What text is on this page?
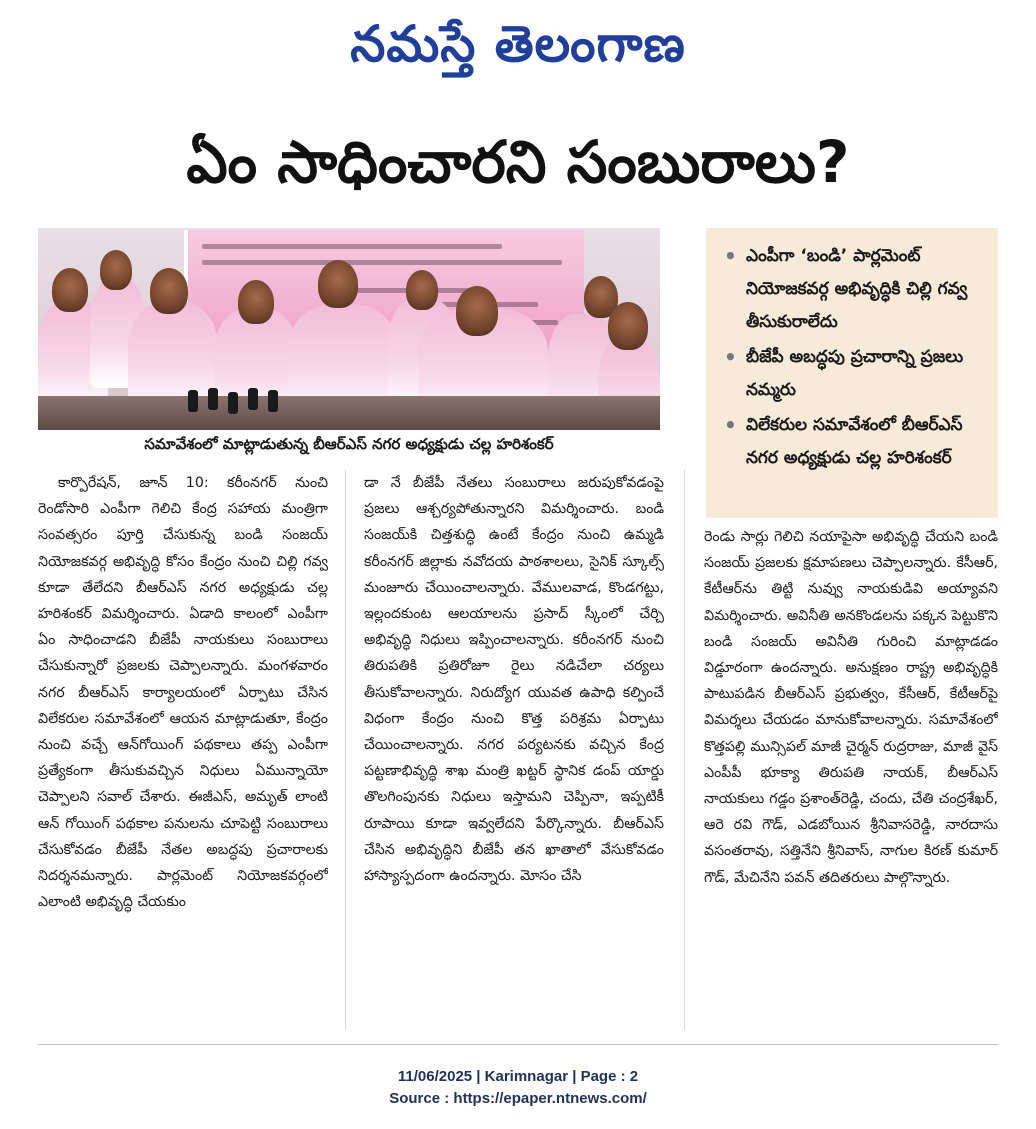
నమస్తే తెలంగాణ
ఏం సాధించారని సంబురాలు?
సమావేశంలో మాట్లాడుతున్న బీఆర్ఎస్ నగర అధ్యక్షుడు చల్ల హరిశంకర్
• ఎంపీగా ‘బండి’ పార్లమెంట్ నియోజకవర్గ అభివృద్ధికి చిల్లి గవ్వ తీసుకురాలేదు
• బీజేపీ అబద్ధపు ప్రచారాన్ని ప్రజలు నమ్మరు
• విలేకరుల సమావేశంలో బీఆర్ఎస్ నగర అధ్యక్షుడు చల్ల హరిశంకర్
కార్పొరేషన్, జూన్ 10: కరీంనగర్ నుంచి రెండోసారి ఎంపీగా గెలిచి కేంద్ర సహాయ మంత్రిగా సంవత్సరం పూర్తి చేసుకున్న బండి సంజయ్ నియోజకవర్గ అభివృద్ధి కోసం కేంద్రం నుంచి చిల్లి గవ్వ కూడా తేలేదని బీఆర్ఎస్ నగర అధ్యక్షుడు చల్ల హరిశంకర్ విమర్శించారు. ఏడాది కాలంలో ఎంపీగా ఏం సాధించాడని బీజేపీ నాయకులు సంబురాలు చేసుకున్నారో ప్రజలకు చెప్పాలన్నారు. మంగళవారం నగర బీఆర్ఎస్ కార్యాలయంలో ఏర్పాటు చేసిన విలేకరుల సమావేశంలో ఆయన మాట్లాడుతూ, కేంద్రం నుంచి వచ్చే ఆన్‌గోయింగ్ పథకాలు తప్ప ఎంపీగా ప్రత్యేకంగా తీసుకువచ్చిన నిధులు ఏమున్నాయో చెప్పాలని సవాల్ చేశారు. ఈజీఎస్, అమృత్ లాంటి ఆన్ గోయింగ్ పథకాల పనులను చూపెట్టి సంబురాలు చేసుకోవడం బీజేపీ నేతల అబద్ధపు ప్రచారాలకు నిదర్శనమన్నారు. పార్లమెంట్ నియోజకవర్గంలో ఎలాంటి అభివృద్ధి చేయకుం
డా నే బీజేపీ నేతలు సంబురాలు జరుపుకోవడంపై ప్రజలు ఆశ్చర్యపోతున్నారని విమర్శించారు. బండి సంజయ్‌కి చిత్తశుద్ధి ఉంటే కేంద్రం నుంచి ఉమ్మడి కరీంనగర్ జిల్లాకు నవోదయ పాఠశాలలు, సైనిక్ స్కూల్స్ మంజూరు చేయించాలన్నారు. వేములవాడ, కొండగట్టు, ఇల్లందకుంట ఆలయాలను ప్రసాద్ స్కీంలో చేర్చి అభివృద్ధి నిధులు ఇప్పించాలన్నారు. కరీంనగర్ నుంచి తిరుపతికి ప్రతిరోజూ రైలు నడిచేలా చర్యలు తీసుకోవాలన్నారు. నిరుద్యోగ యువత ఉపాధి కల్పించే విధంగా కేంద్రం నుంచి కొత్త పరిశ్రమ ఏర్పాటు చేయించాలన్నారు. నగర పర్యటనకు వచ్చిన కేంద్ర పట్టణాభివృద్ధి శాఖ మంత్రి ఖట్టర్ స్థానిక డంప్ యార్డు తొలగింపునకు నిధులు ఇస్తామని చెప్పినా, ఇప్పటికీ రూపాయి కూడా ఇవ్వలేదని పేర్కొన్నారు. బీఆర్ఎస్ చేసిన అభివృద్ధిని బీజేపీ తన ఖాతాలో వేసుకోవడం హాస్యాస్పదంగా ఉందన్నారు. మోసం చేసి
రెండు సార్లు గెలిచి నయాపైసా అభివృద్ధి చేయని బండి సంజయ్ ప్రజలకు క్షమాపణలు చెప్పాలన్నారు. కేసీఆర్, కేటీఆర్‌ను తిట్టి నువ్వు నాయకుడివి అయ్యావని విమర్శించారు. అవినీతి అనకొండలను పక్కన పెట్టుకొని బండి సంజయ్ అవినీతి గురించి మాట్లాడడం విడ్డూరంగా ఉందన్నారు. అనుక్షణం రాష్ట్ర అభివృద్ధికి పాటుపడిన బీఆర్ఎస్ ప్రభుత్వం, కేసీఆర్, కేటీఆర్‌పై విమర్శలు చేయడం మానుకోవాలన్నారు. సమావేశంలో కొత్తపల్లి మున్సిపల్ మాజీ చైర్మన్ రుద్రరాజు, మాజీ వైస్ ఎంపీపీ భూక్యా తిరుపతి నాయక్, బీఆర్ఎస్ నాయకులు గడ్డం ప్రశాంత్‌రెడ్డి, చందు, చేతి చంద్రశేఖర్, ఆరె రవి గౌడ్, ఎడబోయిన శ్రీనివాసరెడ్డి, నారదాసు వసంతరావు, సత్తినేని శ్రీనివాస్, నాగుల కిరణ్ కుమార్ గౌడ్, మేచినేని పవన్ తదితరులు పాల్గొన్నారు.
11/06/2025 | Karimnagar | Page : 2
Source : https://epaper.ntnews.com/
